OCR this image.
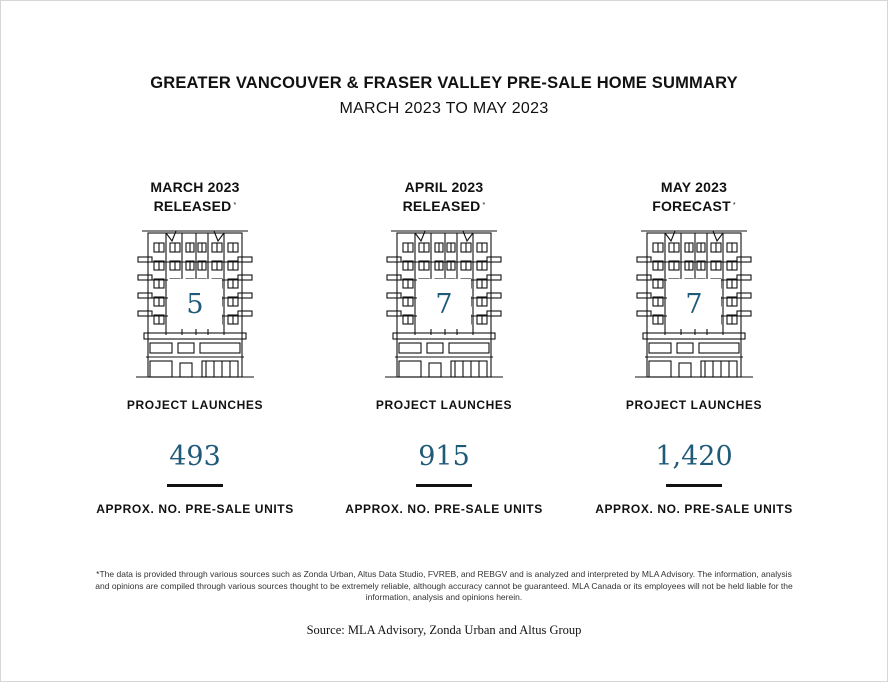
GREATER VANCOUVER & FRASER VALLEY PRE-SALE HOME SUMMARY
MARCH 2023 TO MAY 2023
MARCH 2023
RELEASED *
5
PROJECT LAUNCHES
493
APPROX. NO. PRE-SALE UNITS
APRIL 2023
RELEASED *
7
PROJECT LAUNCHES
915
APPROX. NO. PRE-SALE UNITS
MAY 2023
FORECAST *
7
PROJECT LAUNCHES
1,420
APPROX. NO. PRE-SALE UNITS
*The data is provided through various sources such as Zonda Urban, Altus Data Studio, FVREB, and REBGV and is analyzed and interpreted by MLA Advisory. The information, analysis and opinions are compiled through various sources thought to be extremely reliable, although accuracy cannot be guaranteed. MLA Canada or its employees will not be held liable for the information, analysis and opinions herein.
Source: MLA Advisory, Zonda Urban and Altus Group
